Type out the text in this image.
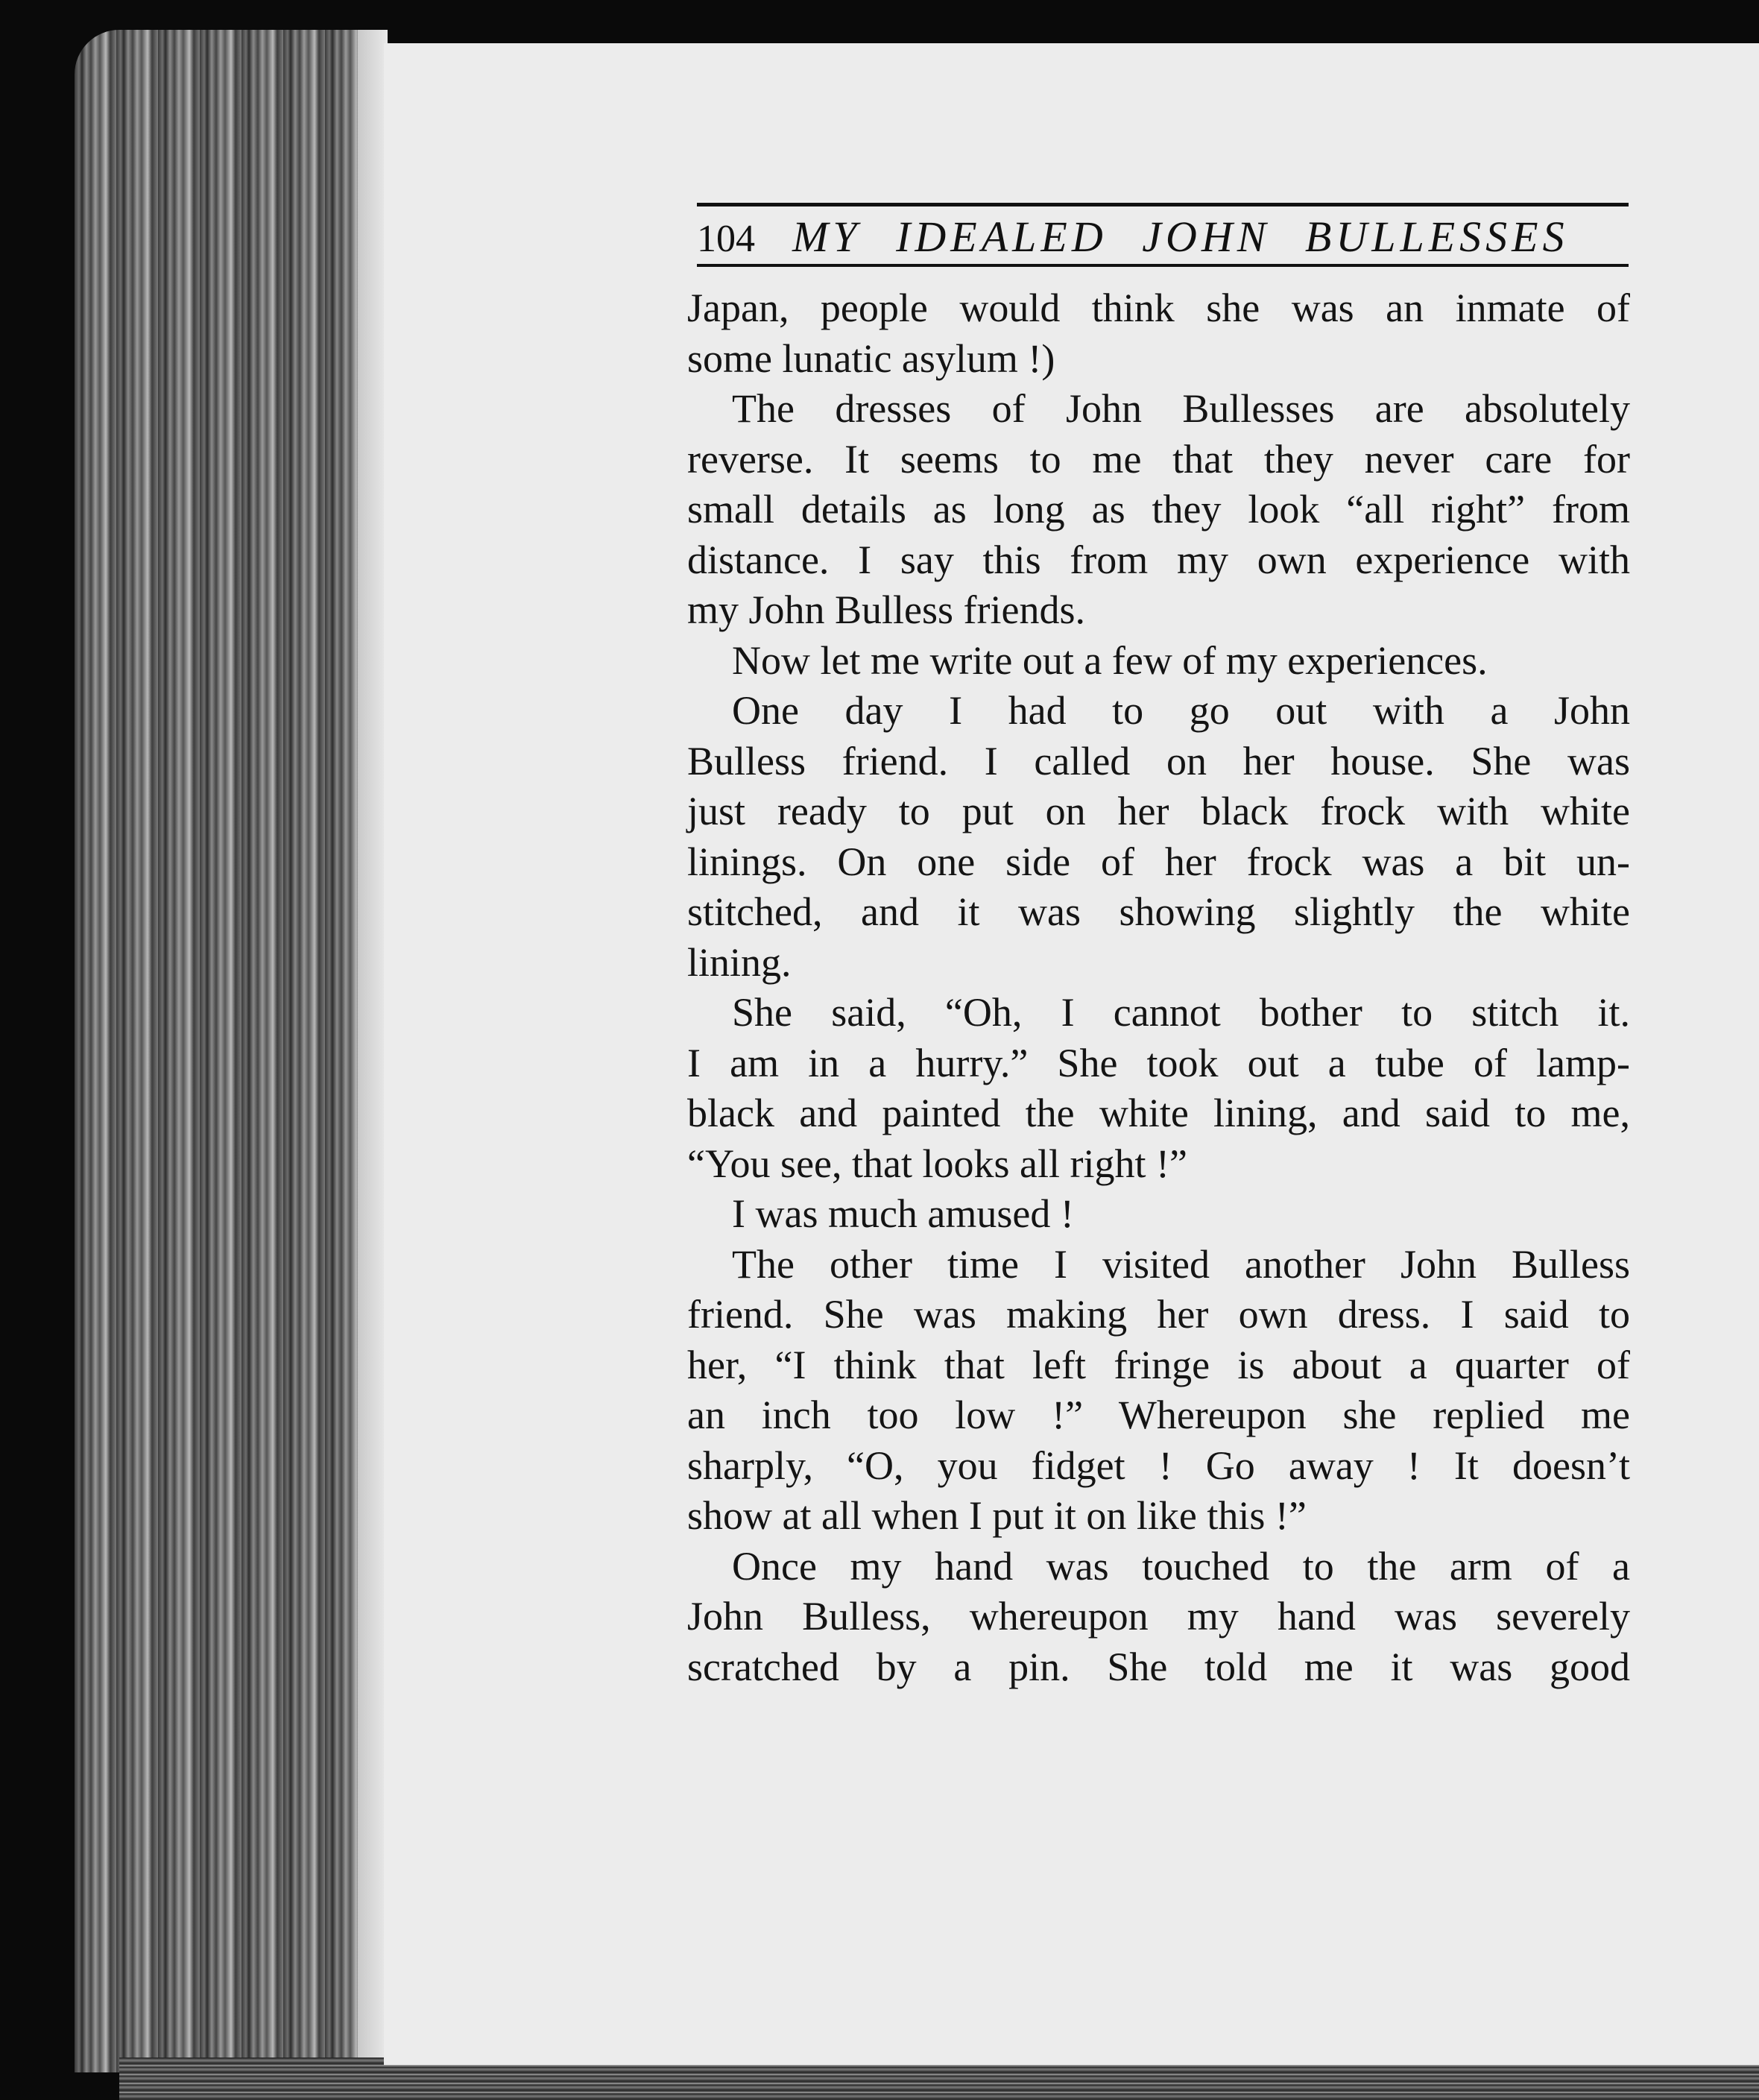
104 MY IDEALED JOHN BULLESSES
Japan, people would think she was an inmate of
some lunatic asylum !)
The dresses of John Bullesses are absolutely
reverse. It seems to me that they never care for
small details as long as they look “all right” from
distance. I say this from my own experience with
my John Bulless friends.
Now let me write out a few of my experiences.
One day I had to go out with a John
Bulless friend. I called on her house. She was
just ready to put on her black frock with white
linings. On one side of her frock was a bit un-
stitched, and it was showing slightly the white
lining.
She said, “Oh, I cannot bother to stitch it.
I am in a hurry.” She took out a tube of lamp-
black and painted the white lining, and said to me,
“You see, that looks all right !”
I was much amused !
The other time I visited another John Bulless
friend. She was making her own dress. I said to
her, “I think that left fringe is about a quarter of
an inch too low !” Whereupon she replied me
sharply, “O, you fidget ! Go away ! It doesn’t
show at all when I put it on like this !”
Once my hand was touched to the arm of a
John Bulless, whereupon my hand was severely
scratched by a pin. She told me it was good
